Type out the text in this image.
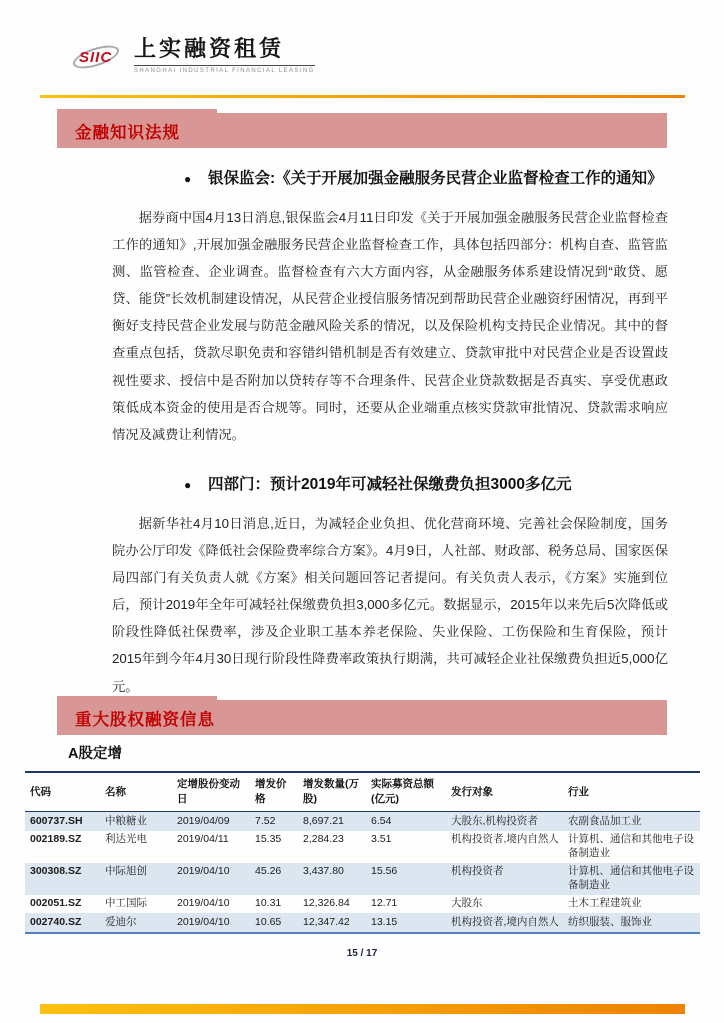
SIIC 上实融资租赁
SHANGHAI INDUSTRIAL FINANCIAL LEASING
金融知识法规
●	银保监会:《关于开展加强金融服务民营企业监督检查工作的通知》

据券商中国4月13日消息,银保监会4月11日印发《关于开展加强金融服务民营企业监督检查工作的通知》,开展加强金融服务民营企业监督检查工作，具体包括四部分：机构自查、监管监测、监管检查、企业调查。监督检查有六大方面内容，从金融服务体系建设情况到“敢贷、愿贷、能贷”长效机制建设情况，从民营企业授信服务情况到帮助民营企业融资纾困情况，再到平衡好支持民营企业发展与防范金融风险关系的情况，以及保险机构支持民企业情况。其中的督查重点包括，贷款尽职免责和容错纠错机制是否有效建立、贷款审批中对民营企业是否设置歧视性要求、授信中是否附加以贷转存等不合理条件、民营企业贷款数据是否真实、享受优惠政策低成本资金的使用是否合规等。同时，还要从企业端重点核实贷款审批情况、贷款需求响应情况及减费让利情况。

●	四部门：预计2019年可减轻社保缴费负担3000多亿元

据新华社4月10日消息,近日，为减轻企业负担、优化营商环境、完善社会保险制度，国务院办公厅印发《降低社会保险费率综合方案》。4月9日，人社部、财政部、税务总局、国家医保局四部门有关负责人就《方案》相关问题回答记者提问。有关负责人表示，《方案》实施到位后，预计2019年全年可减轻社保缴费负担3,000多亿元。数据显示，2015年以来先后5次降低或阶段性降低社保费率，涉及企业职工基本养老保险、失业保险、工伤保险和生育保险，预计2015年到今年4月30日现行阶段性降费率政策执行期满，共可减轻企业社保缴费负担近5,000亿元。

重大股权融资信息
A股定增
代码	名称	定增股份变动日	增发价格	增发数量(万股)	实际募资总额(亿元)	发行对象	行业
600737.SH	中粮糖业	2019/04/09	7.52	8,697.21	6.54	大股东,机构投资者	农副食品加工业
002189.SZ	利达光电	2019/04/11	15.35	2,284.23	3.51	机构投资者,境内自然人	计算机、通信和其他电子设备制造业
300308.SZ	中际旭创	2019/04/10	45.26	3,437.80	15.56	机构投资者	计算机、通信和其他电子设备制造业
002051.SZ	中工国际	2019/04/10	10.31	12,326.84	12.71	大股东	土木工程建筑业
002740.SZ	爱迪尔	2019/04/10	10.65	12,347.42	13.15	机构投资者,境内自然人	纺织服装、服饰业
15 / 17
